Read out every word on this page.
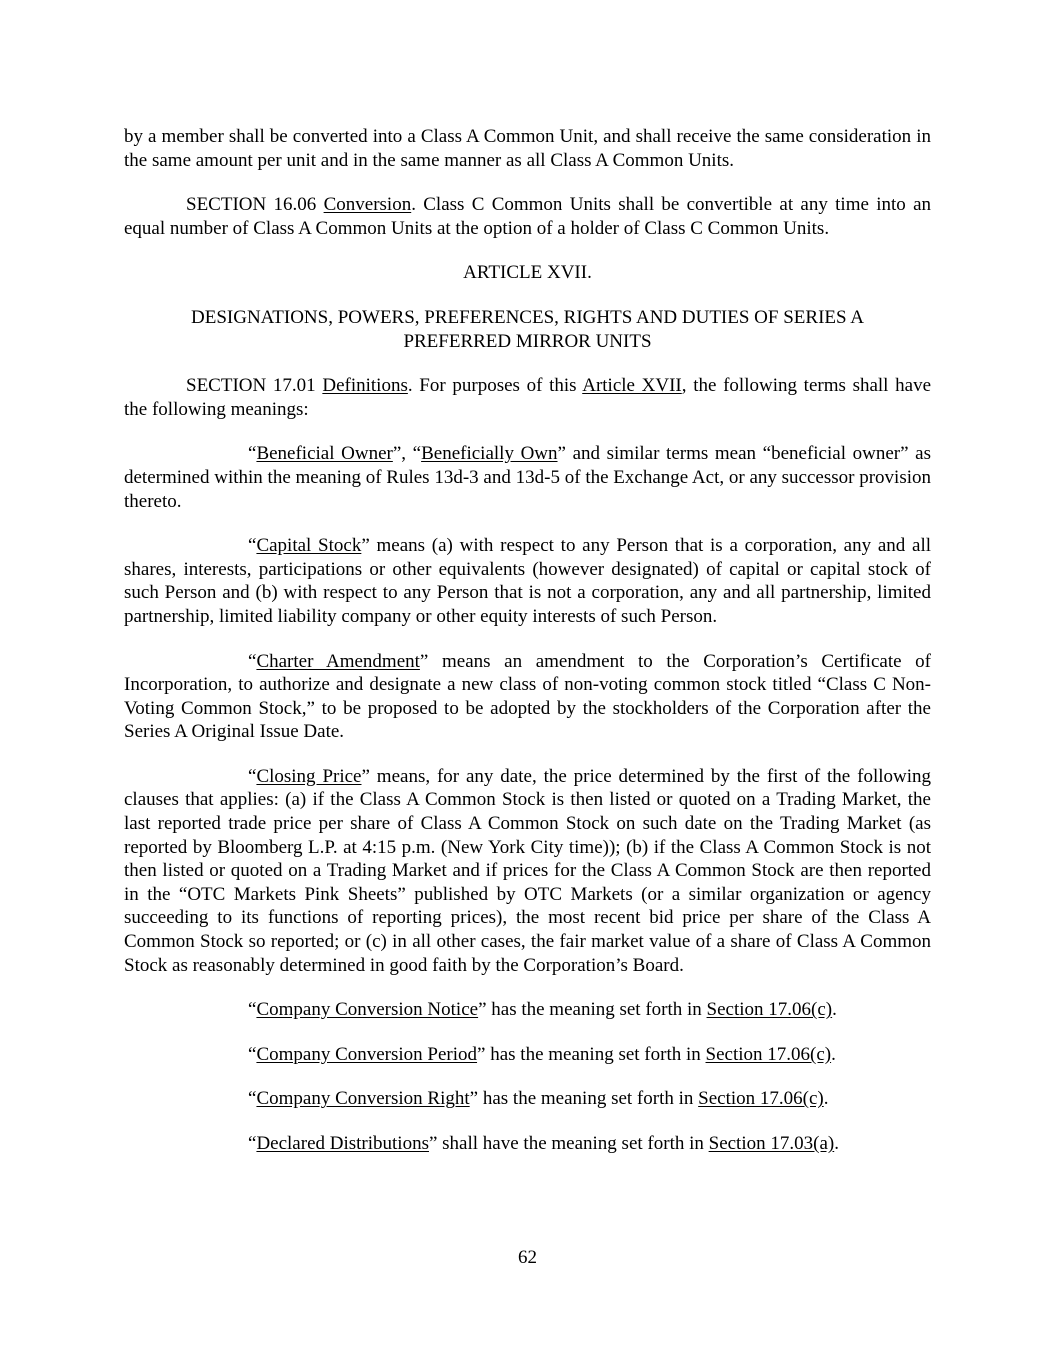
by a member shall be converted into a Class A Common Unit, and shall receive the same consideration in the same amount per unit and in the same manner as all Class A Common Units.

SECTION 16.06 Conversion. Class C Common Units shall be convertible at any time into an equal number of Class A Common Units at the option of a holder of Class C Common Units.

ARTICLE XVII.

DESIGNATIONS, POWERS, PREFERENCES, RIGHTS AND DUTIES OF SERIES A
PREFERRED MIRROR UNITS

SECTION 17.01 Definitions. For purposes of this Article XVII, the following terms shall have the following meanings:

“Beneficial Owner”, “Beneficially Own” and similar terms mean “beneficial owner” as determined within the meaning of Rules 13d-3 and 13d-5 of the Exchange Act, or any successor provision thereto.

“Capital Stock” means (a) with respect to any Person that is a corporation, any and all shares, interests, participations or other equivalents (however designated) of capital or capital stock of such Person and (b) with respect to any Person that is not a corporation, any and all partnership, limited partnership, limited liability company or other equity interests of such Person.

“Charter Amendment” means an amendment to the Corporation’s Certificate of Incorporation, to authorize and designate a new class of non-voting common stock titled “Class C Non-Voting Common Stock,” to be proposed to be adopted by the stockholders of the Corporation after the Series A Original Issue Date.

“Closing Price” means, for any date, the price determined by the first of the following clauses that applies: (a) if the Class A Common Stock is then listed or quoted on a Trading Market, the last reported trade price per share of Class A Common Stock on such date on the Trading Market (as reported by Bloomberg L.P. at 4:15 p.m. (New York City time)); (b) if the Class A Common Stock is not then listed or quoted on a Trading Market and if prices for the Class A Common Stock are then reported in the “OTC Markets Pink Sheets” published by OTC Markets (or a similar organization or agency succeeding to its functions of reporting prices), the most recent bid price per share of the Class A Common Stock so reported; or (c) in all other cases, the fair market value of a share of Class A Common Stock as reasonably determined in good faith by the Corporation’s Board.

“Company Conversion Notice” has the meaning set forth in Section 17.06(c).

“Company Conversion Period” has the meaning set forth in Section 17.06(c).

“Company Conversion Right” has the meaning set forth in Section 17.06(c).

“Declared Distributions” shall have the meaning set forth in Section 17.03(a).

62
